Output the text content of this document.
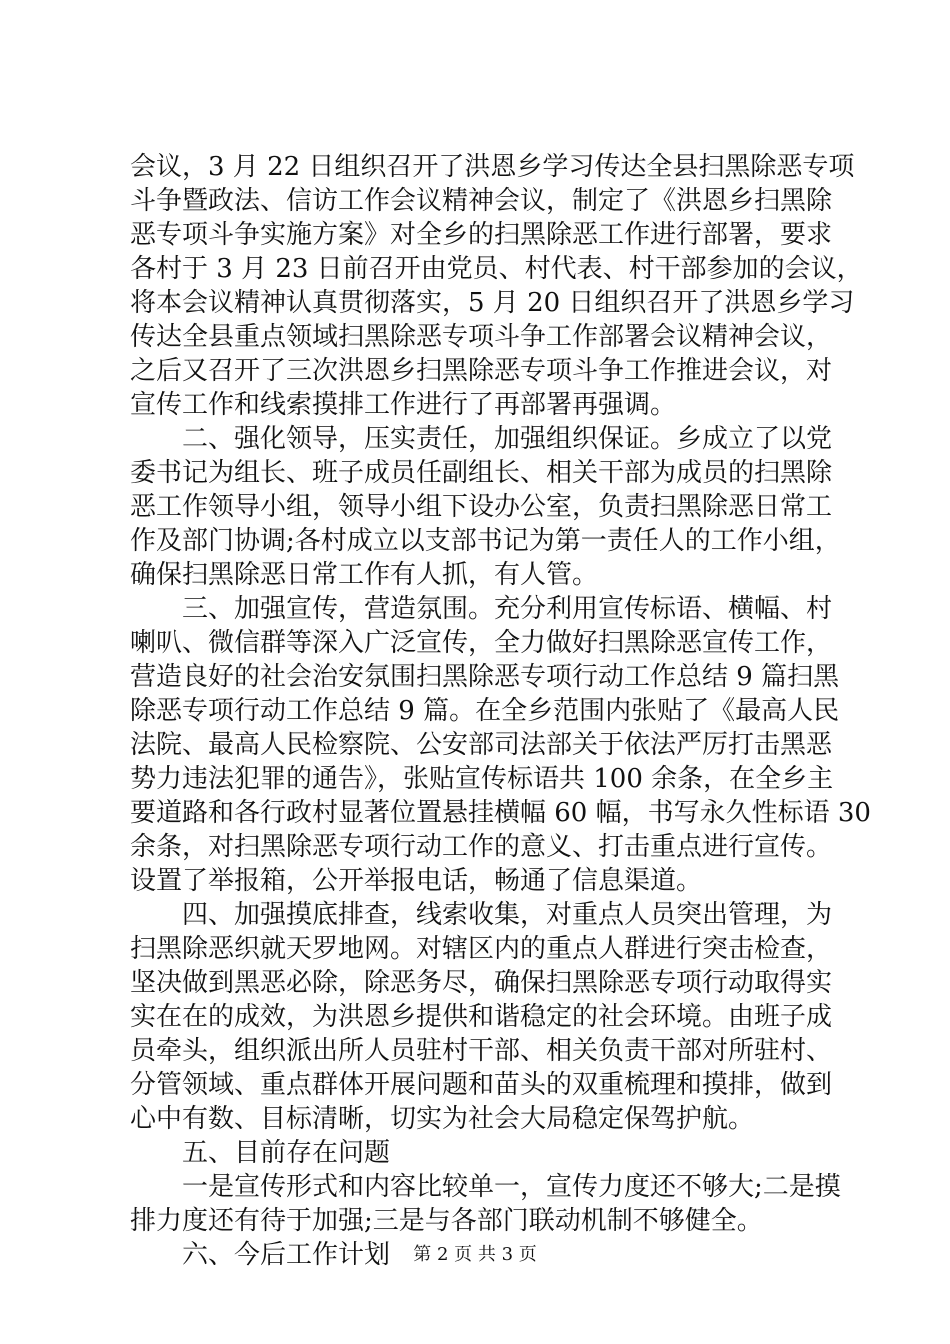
会议，3 月 22 日组织召开了洪恩乡学习传达全县扫黑除恶专项
斗争暨政法、信访工作会议精神会议，制定了《洪恩乡扫黑除
恶专项斗争实施方案》对全乡的扫黑除恶工作进行部署，要求
各村于 3 月 23 日前召开由党员、村代表、村干部参加的会议，
将本会议精神认真贯彻落实，5 月 20 日组织召开了洪恩乡学习
传达全县重点领域扫黑除恶专项斗争工作部署会议精神会议，
之后又召开了三次洪恩乡扫黑除恶专项斗争工作推进会议，对
宣传工作和线索摸排工作进行了再部署再强调。
二、强化领导，压实责任，加强组织保证。乡成立了以党
委书记为组长、班子成员任副组长、相关干部为成员的扫黑除
恶工作领导小组，领导小组下设办公室，负责扫黑除恶日常工
作及部门协调;各村成立以支部书记为第一责任人的工作小组，
确保扫黑除恶日常工作有人抓，有人管。
三、加强宣传，营造氛围。充分利用宣传标语、横幅、村
喇叭、微信群等深入广泛宣传，全力做好扫黑除恶宣传工作，
营造良好的社会治安氛围扫黑除恶专项行动工作总结 9 篇扫黑
除恶专项行动工作总结 9 篇。在全乡范围内张贴了《最高人民
法院、最高人民检察院、公安部司法部关于依法严厉打击黑恶
势力违法犯罪的通告》，张贴宣传标语共 100 余条，在全乡主
要道路和各行政村显著位置悬挂横幅 60 幅，书写永久性标语 30
余条，对扫黑除恶专项行动工作的意义、打击重点进行宣传。
设置了举报箱，公开举报电话，畅通了信息渠道。
四、加强摸底排查，线索收集，对重点人员突出管理，为
扫黑除恶织就天罗地网。对辖区内的重点人群进行突击检查，
坚决做到黑恶必除，除恶务尽，确保扫黑除恶专项行动取得实
实在在的成效，为洪恩乡提供和谐稳定的社会环境。由班子成
员牵头，组织派出所人员驻村干部、相关负责干部对所驻村、
分管领域、重点群体开展问题和苗头的双重梳理和摸排，做到
心中有数、目标清晰，切实为社会大局稳定保驾护航。
五、目前存在问题
一是宣传形式和内容比较单一，宣传力度还不够大;二是摸
排力度还有待于加强;三是与各部门联动机制不够健全。
六、今后工作计划	第 2 页 共 3 页
